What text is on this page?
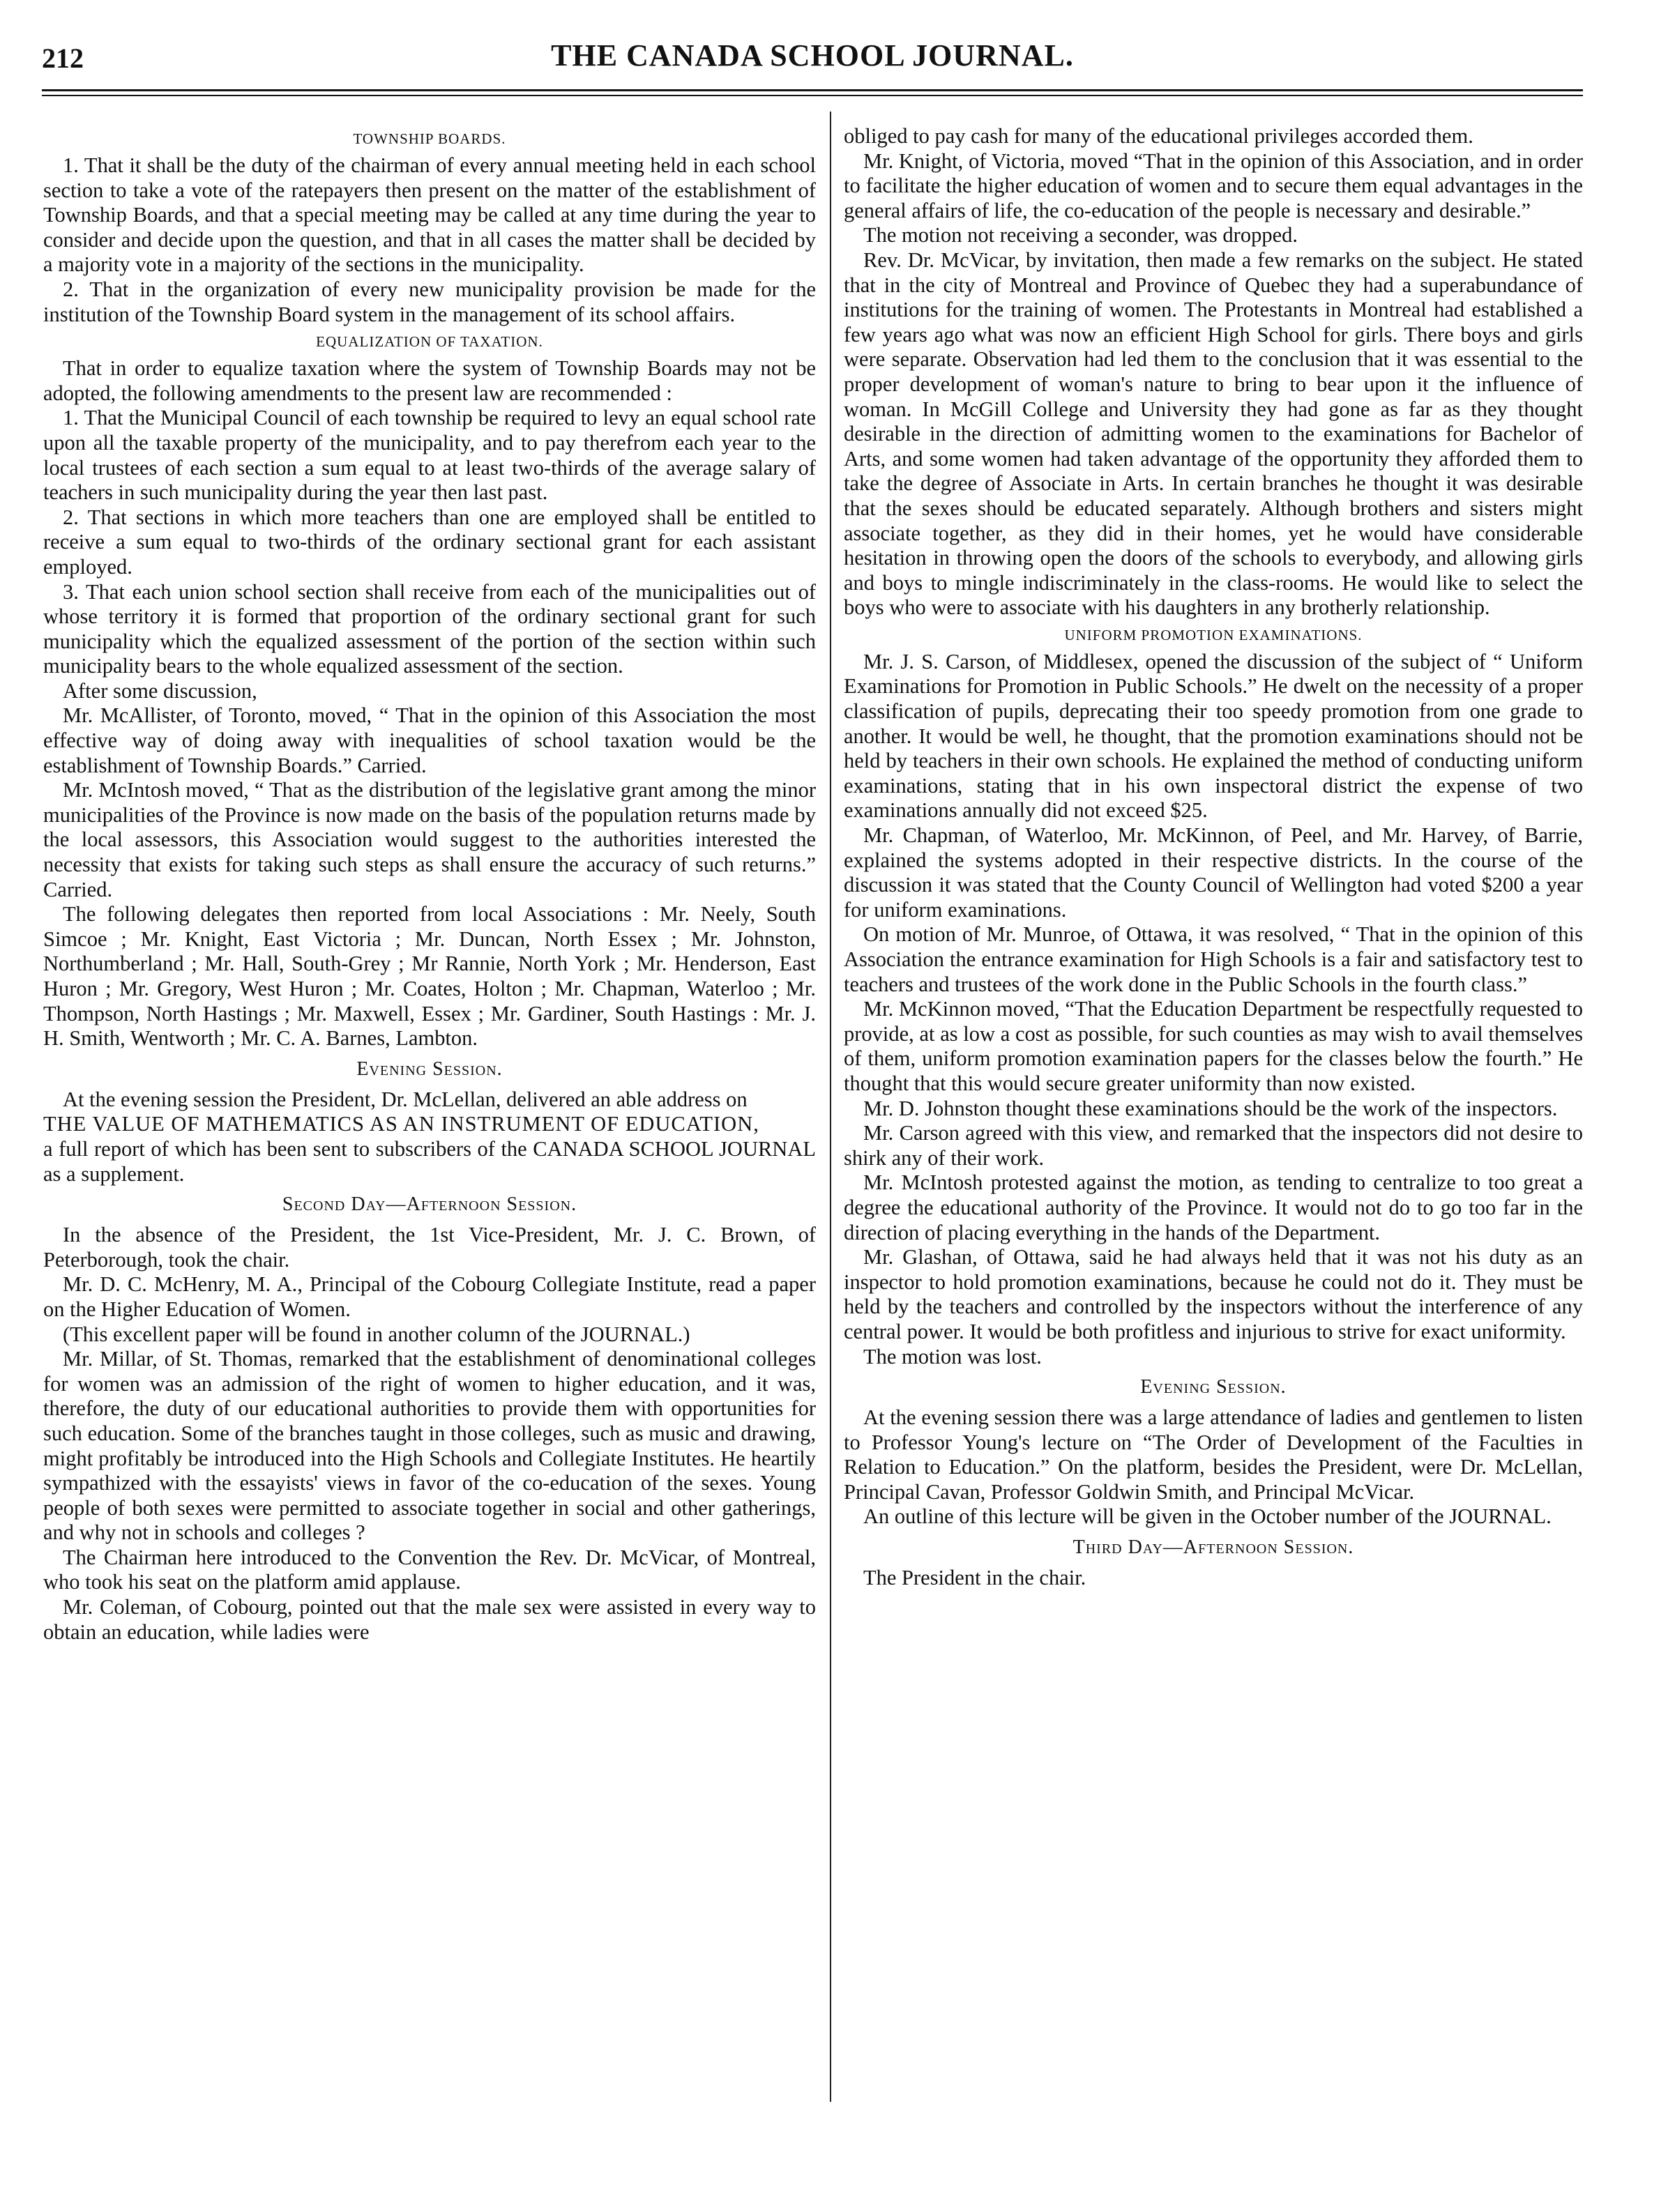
212	THE CANADA SCHOOL JOURNAL.
TOWNSHIP BOARDS.

1. That it shall be the duty of the chairman of every annual meeting held in each school section to take a vote of the ratepayers then present on the matter of the establishment of Township Boards, and that a special meeting may be called at any time during the year to consider and decide upon the question, and that in all cases the matter shall be decided by a majority vote in a majority of the sections in the municipality.

2. That in the organization of every new municipality provision be made for the institution of the Township Board system in the management of its school affairs.

EQUALIZATION OF TAXATION.

That in order to equalize taxation where the system of Township Boards may not be adopted, the following amendments to the present law are recommended :

1. That the Municipal Council of each township be required to levy an equal school rate upon all the taxable property of the municipality, and to pay therefrom each year to the local trustees of each section a sum equal to at least two-thirds of the average salary of teachers in such municipality during the year then last past.

2. That sections in which more teachers than one are employed shall be entitled to receive a sum equal to two-thirds of the ordinary sectional grant for each assistant employed.

3. That each union school section shall receive from each of the municipalities out of whose territory it is formed that proportion of the ordinary sectional grant for such municipality which the equalized assessment of the portion of the section within such municipality bears to the whole equalized assessment of the section.

After some discussion,

Mr. McAllister, of Toronto, moved, “ That in the opinion of this Association the most effective way of doing away with inequalities of school taxation would be the establishment of Township Boards.” Carried.

Mr. McIntosh moved, “ That as the distribution of the legislative grant among the minor municipalities of the Province is now made on the basis of the population returns made by the local assessors, this Association would suggest to the authorities interested the necessity that exists for taking such steps as shall ensure the accuracy of such returns.” Carried.

The following delegates then reported from local Associations : Mr. Neely, South Simcoe ; Mr. Knight, East Victoria ; Mr. Duncan, North Essex ; Mr. Johnston, Northumberland ; Mr. Hall, South-Grey ; Mr Rannie, North York ; Mr. Henderson, East Huron ; Mr. Gregory, West Huron ; Mr. Coates, Holton ; Mr. Chapman, Waterloo ; Mr. Thompson, North Hastings ; Mr. Maxwell, Essex ; Mr. Gardiner, South Hastings : Mr. J. H. Smith, Wentworth ; Mr. C. A. Barnes, Lambton.

Evening Session.

At the evening session the President, Dr. McLellan, delivered an able address on

THE VALUE OF MATHEMATICS AS AN INSTRUMENT OF EDUCATION,

a full report of which has been sent to subscribers of the CANADA SCHOOL JOURNAL as a supplement.

Second Day—Afternoon Session.

In the absence of the President, the 1st Vice-President, Mr. J. C. Brown, of Peterborough, took the chair.

Mr. D. C. McHenry, M. A., Principal of the Cobourg Collegiate Institute, read a paper on the Higher Education of Women.

(This excellent paper will be found in another column of the JOURNAL.)

Mr. Millar, of St. Thomas, remarked that the establishment of denominational colleges for women was an admission of the right of women to higher education, and it was, therefore, the duty of our educational authorities to provide them with opportunities for such education. Some of the branches taught in those colleges, such as music and drawing, might profitably be introduced into the High Schools and Collegiate Institutes. He heartily sympathized with the essayists' views in favor of the co-education of the sexes. Young people of both sexes were permitted to associate together in social and other gatherings, and why not in schools and colleges ?

The Chairman here introduced to the Convention the Rev. Dr. McVicar, of Montreal, who took his seat on the platform amid applause.

Mr. Coleman, of Cobourg, pointed out that the male sex were assisted in every way to obtain an education, while ladies were

obliged to pay cash for many of the educational privileges accorded them.

Mr. Knight, of Victoria, moved “That in the opinion of this Association, and in order to facilitate the higher education of women and to secure them equal advantages in the general affairs of life, the co-education of the people is necessary and desirable.”

The motion not receiving a seconder, was dropped.

Rev. Dr. McVicar, by invitation, then made a few remarks on the subject. He stated that in the city of Montreal and Province of Quebec they had a superabundance of institutions for the training of women. The Protestants in Montreal had established a few years ago what was now an efficient High School for girls. There boys and girls were separate. Observation had led them to the conclusion that it was essential to the proper development of woman's nature to bring to bear upon it the influence of woman. In McGill College and University they had gone as far as they thought desirable in the direction of admitting women to the examinations for Bachelor of Arts, and some women had taken advantage of the opportunity they afforded them to take the degree of Associate in Arts. In certain branches he thought it was desirable that the sexes should be educated separately. Although brothers and sisters might associate together, as they did in their homes, yet he would have considerable hesitation in throwing open the doors of the schools to everybody, and allowing girls and boys to mingle indiscriminately in the class-rooms. He would like to select the boys who were to associate with his daughters in any brotherly relationship.

UNIFORM PROMOTION EXAMINATIONS.

Mr. J. S. Carson, of Middlesex, opened the discussion of the subject of “ Uniform Examinations for Promotion in Public Schools.” He dwelt on the necessity of a proper classification of pupils, deprecating their too speedy promotion from one grade to another. It would be well, he thought, that the promotion examinations should not be held by teachers in their own schools. He explained the method of conducting uniform examinations, stating that in his own inspectoral district the expense of two examinations annually did not exceed $25.

Mr. Chapman, of Waterloo, Mr. McKinnon, of Peel, and Mr. Harvey, of Barrie, explained the systems adopted in their respective districts. In the course of the discussion it was stated that the County Council of Wellington had voted $200 a year for uniform examinations.

On motion of Mr. Munroe, of Ottawa, it was resolved, “ That in the opinion of this Association the entrance examination for High Schools is a fair and satisfactory test to teachers and trustees of the work done in the Public Schools in the fourth class.”

Mr. McKinnon moved, “That the Education Department be respectfully requested to provide, at as low a cost as possible, for such counties as may wish to avail themselves of them, uniform promotion examination papers for the classes below the fourth.” He thought that this would secure greater uniformity than now existed.

Mr. D. Johnston thought these examinations should be the work of the inspectors.

Mr. Carson agreed with this view, and remarked that the inspectors did not desire to shirk any of their work.

Mr. McIntosh protested against the motion, as tending to centralize to too great a degree the educational authority of the Province. It would not do to go too far in the direction of placing everything in the hands of the Department.

Mr. Glashan, of Ottawa, said he had always held that it was not his duty as an inspector to hold promotion examinations, because he could not do it. They must be held by the teachers and controlled by the inspectors without the interference of any central power. It would be both profitless and injurious to strive for exact uniformity.

The motion was lost.

Evening Session.

At the evening session there was a large attendance of ladies and gentlemen to listen to Professor Young's lecture on “The Order of Development of the Faculties in Relation to Education.” On the platform, besides the President, were Dr. McLellan, Principal Cavan, Professor Goldwin Smith, and Principal McVicar.

An outline of this lecture will be given in the October number of the JOURNAL.

Third Day—Afternoon Session.

The President in the chair.
